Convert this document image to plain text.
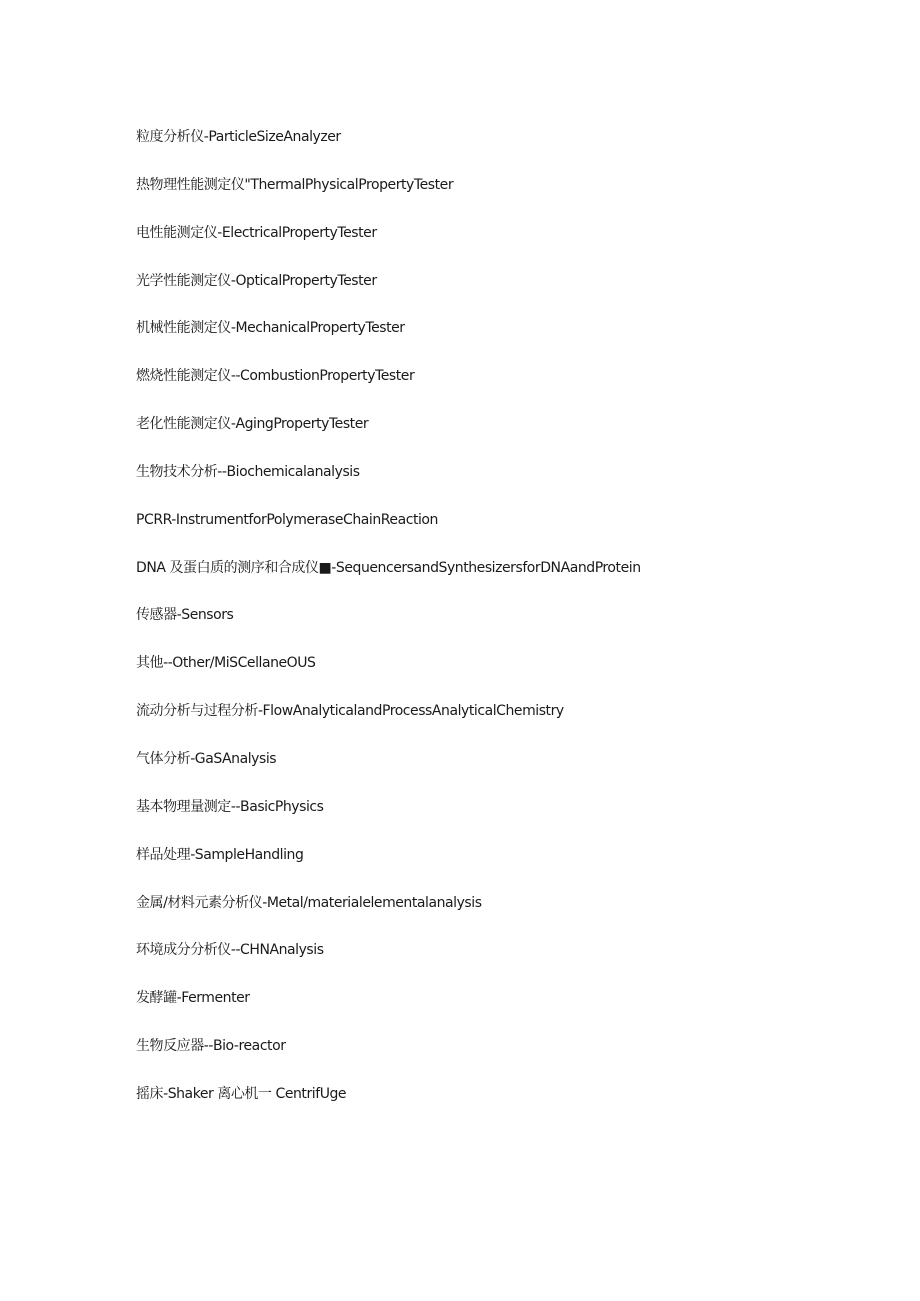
粒度分析仪-ParticleSizeAnalyzer
热物理性能测定仪"ThermalPhysicalPropertyTester
电性能测定仪-ElectricalPropertyTester
光学性能测定仪-OpticalPropertyTester
机械性能测定仪-MechanicalPropertyTester
燃烧性能测定仪--CombustionPropertyTester
老化性能测定仪-AgingPropertyTester
生物技术分析--Biochemicalanalysis
PCRR-InstrumentforPolymeraseChainReaction
DNA 及蛋白质的测序和合成仪■-SequencersandSynthesizersforDNAandProtein
传感器-Sensors
其他--Other/MiSCellaneOUS
流动分析与过程分析-FlowAnalyticalandProcessAnalyticalChemistry
气体分析-GaSAnalysis
基本物理量测定--BasicPhysics
样品处理-SampleHandling
金属/材料元素分析仪-Metal/materialelementalanalysis
环境成分分析仪--CHNAnalysis
发酵罐-Fermenter
生物反应器--Bio-reactor
摇床-Shaker 离心机一 CentrifUge
